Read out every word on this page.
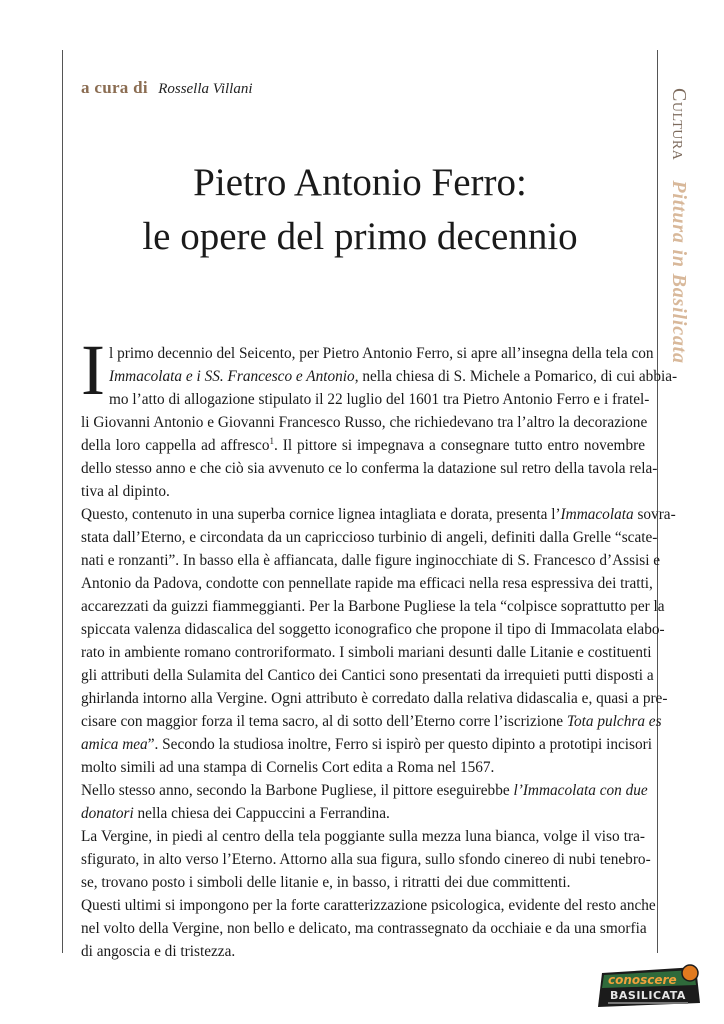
a cura di Rossella Villani
Pietro Antonio Ferro:
le opere del primo decennio
Cultura Pittura in Basilicata
I l primo decennio del Seicento, per Pietro Antonio Ferro, si apre all’insegna della tela con
Immacolata e i SS. Francesco e Antonio, nella chiesa di S. Michele a Pomarico, di cui abbia-
mo l’atto di allogazione stipulato il 22 luglio del 1601 tra Pietro Antonio Ferro e i fratel-
li Giovanni Antonio e Giovanni Francesco Russo, che richiedevano tra l’altro la decorazione
della loro cappella ad affresco$^1$. Il pittore si impegnava a consegnare tutto entro novembre
dello stesso anno e che ciò sia avvenuto ce lo conferma la datazione sul retro della tavola rela-
tiva al dipinto.
Questo, contenuto in una superba cornice lignea intagliata e dorata, presenta l’Immacolata sovra-
stata dall’Eterno, e circondata da un capriccioso turbinio di angeli, definiti dalla Grelle “scate-
nati e ronzanti”. In basso ella è affiancata, dalle figure inginocchiate di S. Francesco d’Assisi e
Antonio da Padova, condotte con pennellate rapide ma efficaci nella resa espressiva dei tratti,
accarezzati da guizzi fiammeggianti. Per la Barbone Pugliese la tela “colpisce soprattutto per la
spiccata valenza didascalica del soggetto iconografico che propone il tipo di Immacolata elabo-
rato in ambiente romano controriformato. I simboli mariani desunti dalle Litanie e costituenti
gli attributi della Sulamita del Cantico dei Cantici sono presentati da irrequieti putti disposti a
ghirlanda intorno alla Vergine. Ogni attributo è corredato dalla relativa didascalia e, quasi a pre-
cisare con maggior forza il tema sacro, al di sotto dell’Eterno corre l’iscrizione Tota pulchra es
amica mea”. Secondo la studiosa inoltre, Ferro si ispirò per questo dipinto a prototipi incisori
molto simili ad una stampa di Cornelis Cort edita a Roma nel 1567.
Nello stesso anno, secondo la Barbone Pugliese, il pittore eseguirebbe l’Immacolata con due
donatori nella chiesa dei Cappuccini a Ferrandina.
La Vergine, in piedi al centro della tela poggiante sulla mezza luna bianca, volge il viso tra-
sfigurato, in alto verso l’Eterno. Attorno alla sua figura, sullo sfondo cinereo di nubi tenebro-
se, trovano posto i simboli delle litanie e, in basso, i ritratti dei due committenti.
Questi ultimi si impongono per la forte caratterizzazione psicologica, evidente del resto anche
nel volto della Vergine, non bello e delicato, ma contrassegnato da occhiaie e da una smorfia
di angoscia e di tristezza.
conoscere
BASILICATA
